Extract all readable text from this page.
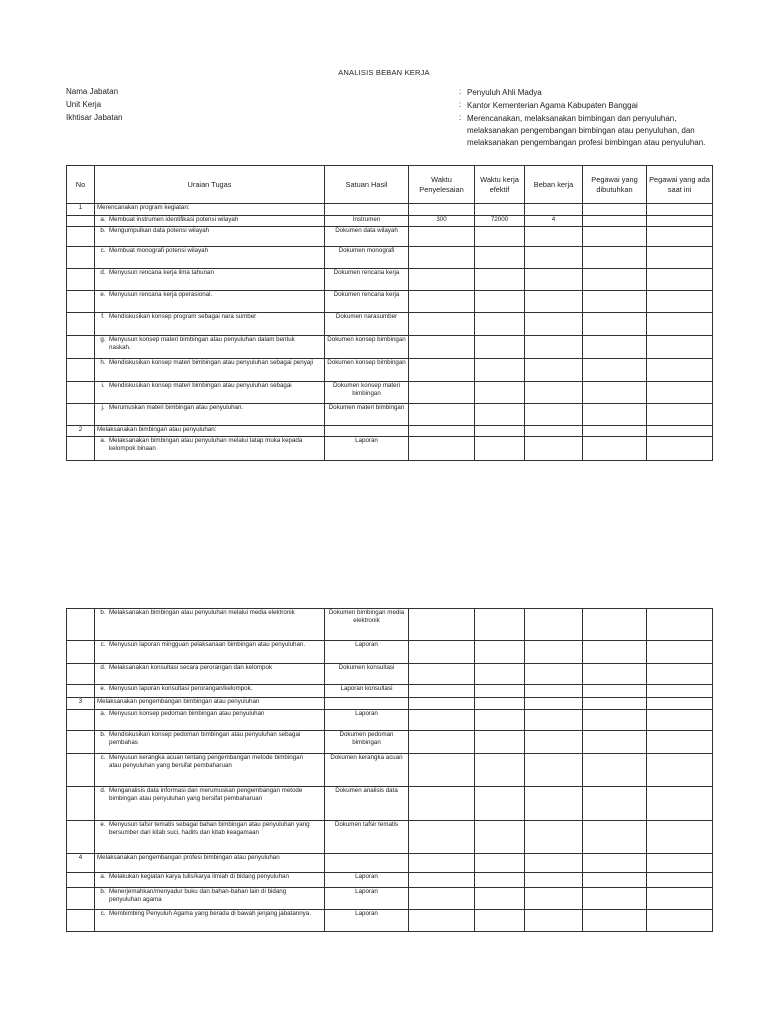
ANALISIS BEBAN KERJA
Nama Jabatan	: Penyuluh Ahli Madya
Unit Kerja	: Kantor Kementerian Agama Kabupaten Banggai
Ikhtisar Jabatan	: Merencanakan, melaksanakan bimbingan dan penyuluhan, melaksanakan pengembangan bimbingan atau penyuluhan, dan melaksanakan pengembangan profesi bimbingan atau penyuluhan.
No	Uraian Tugas	Satuan Hasil	Waktu Penyelesaian	Waktu kerja efektif	Beban kerja	Pegawai yang dibutuhkan	Pegawai yang ada saat ini
1	Merencanakan program kegiatan:						
	a. Membuat instrumen identifikasi potensi wilayah	Instrumen	300	72000	4		
	b. Mengumpulkan data potensi wilayah	Dokumen data wilayah					
	c. Membuat monografi potensi wilayah	Dokumen monografi					
	d. Menyusun rencana kerja lima tahunan	Dokumen rencana kerja					
	e. Menyusun rencana kerja operasional.	Dokumen rencana kerja					
	f. Mendiskusikan konsep program sebagai nara sumber	Dokumen narasumber					
	g. Menyusun konsep materi bimbingan atau penyuluhan dalam bentuk naskah.	Dokumen konsep bimbingan					
	h. Mendiskusikan konsep materi bimbingan atau penyuluhan sebagai penyaji	Dokumen konsep bimbingan					
	i. Mendiskusikan konsep materi bimbingan atau penyuluhan sebagai	Dokumen konsep materi bimbingan					
	j. Merumuskan materi bimbingan atau penyuluhan.	Dokumen materi bimbingan					
2	Melaksanakan bimbingan atau penyuluhan:						
	a. Melaksanakan bimbingan atau penyuluhan melalui tatap muka kepada kelompok binaan	Laporan					
	b. Melaksanakan bimbingan atau penyuluhan melalui media elektronik	Dokumen bimbingan media elektronik					
	c. Menyusun laporan mingguan pelaksanaan bimbingan atau penyuluhan.	Laporan					
	d. Melaksanakan konsultasi secara perorangan dan kelompok	Dokumen konsultasi					
	e. Menyusun laporan konsultasi perorangan/kelompok.	Laporan konsultasi					
3	Melaksanakan pengembangan bimbingan atau penyuluhan						
	a. Menyusun konsep pedoman bimbingan atau penyuluhan	Laporan					
	b. Mendiskusikan konsep pedoman bimbingan atau penyuluhan sebagai pembahas	Dokumen pedoman bimbingan					
	c. Menyusun kerangka acuan tentang pengembangan metode bimbingan atau penyuluhan yang bersifat pembaharuan	Dokumen kerangka acuan					
	d. Menganalisis data informasi dan merumuskan pengembangan metode bimbingan atau penyuluhan yang bersifat pembaharuan	Dokumen analisis data					
	e. Menyusun tafsir tematis sebagai bahan bimbingan atau penyuluhan yang bersumber dari kitab suci, hadits dan kitab keagamaan	Dokumen tafsir tematis					
4	Melaksanakan pengembangan profesi bimbingan atau penyuluhan						
	a. Melakukan kegiatan karya tulis/karya ilmiah di bidang penyuluhan	Laporan					
	b. Menerjemahkan/menyadur buku dan bahan-bahan lain di bidang penyuluhan agama	Laporan					
	c. Membimbing Penyuluh Agama yang berada di bawah jenjang jabatannya.	Laporan					
